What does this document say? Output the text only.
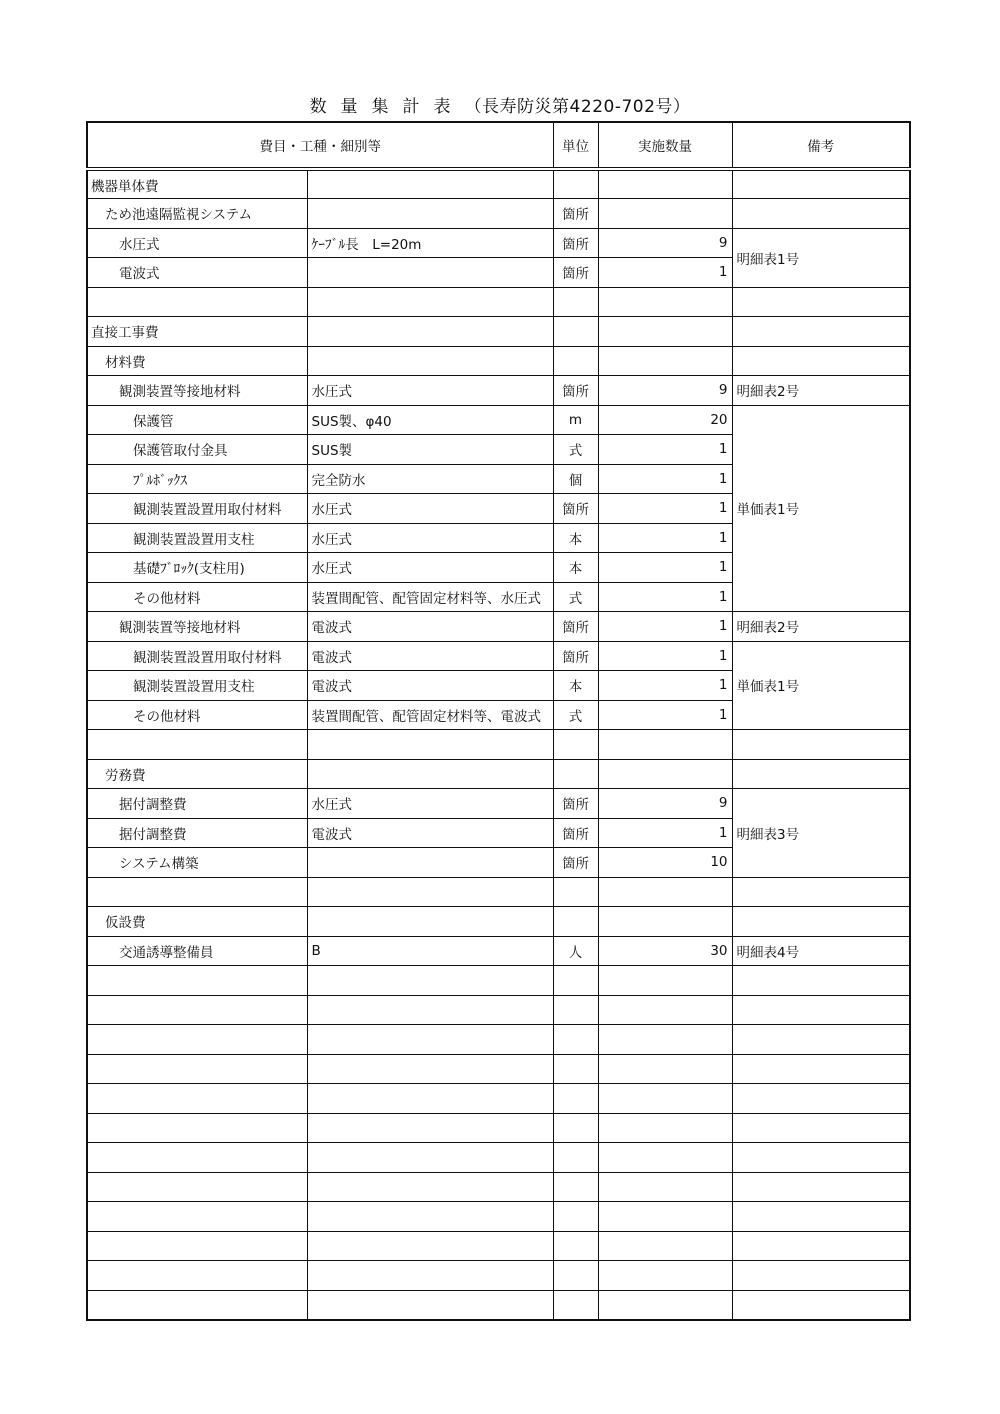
数量集計表（長寿防災第4220-702号）
費目・工種・細別等		単位	実施数量	備考
機器単体費				
ため池遠隔監視システム		箇所		
水圧式	ｹｰﾌﾞﾙ長　L=20m	箇所	9	明細表1号
電波式		箇所	1	

直接工事費				
材料費				
観測装置等接地材料	水圧式	箇所	9	明細表2号
保護管	SUS製、φ40	m	20	単価表1号
保護管取付金具	SUS製	式	1	
ﾌﾟﾙﾎﾞｯｸｽ	完全防水	個	1	
観測装置設置用取付材料	水圧式	箇所	1	
観測装置設置用支柱	水圧式	本	1	
基礎ﾌﾞﾛｯｸ(支柱用)	水圧式	本	1	
その他材料	装置間配管、配管固定材料等、水圧式	式	1	
観測装置等接地材料	電波式	箇所	1	明細表2号
観測装置設置用取付材料	電波式	箇所	1	単価表1号
観測装置設置用支柱	電波式	本	1	
その他材料	装置間配管、配管固定材料等、電波式	式	1	

労務費				
据付調整費	水圧式	箇所	9	明細表3号
据付調整費	電波式	箇所	1	
システム構築		箇所	10	

仮設費				
交通誘導整備員	B	人	30	明細表4号
